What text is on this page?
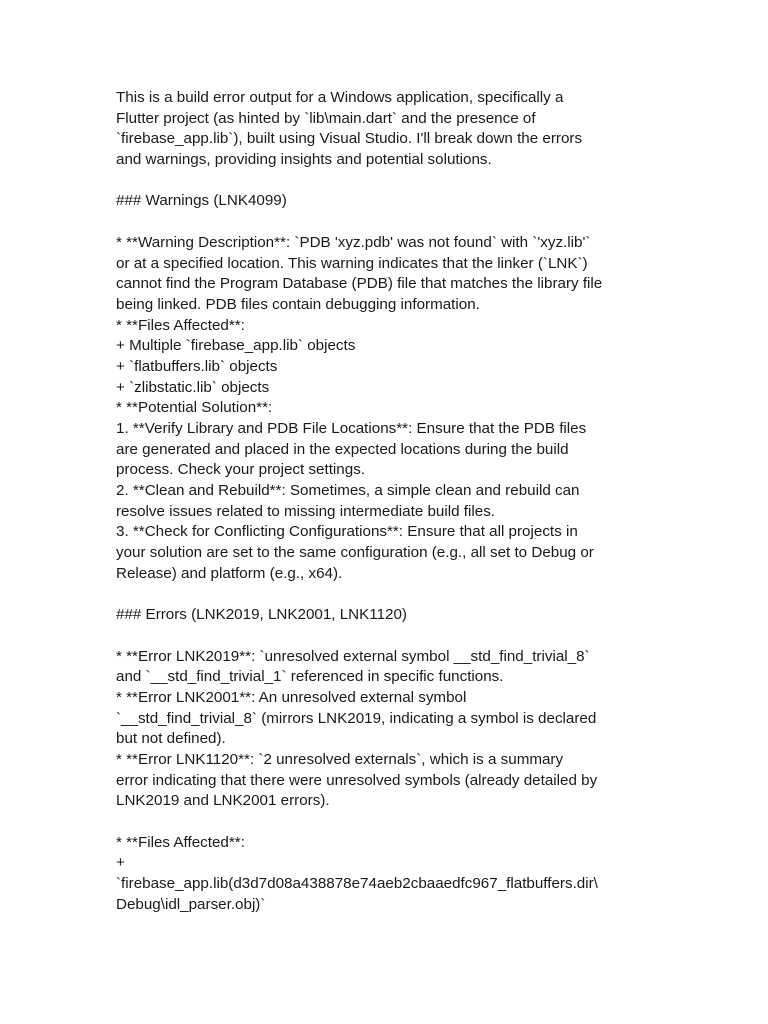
This is a build error output for a Windows application, specifically a
Flutter project (as hinted by `lib\main.dart` and the presence of
`firebase_app.lib`), built using Visual Studio. I'll break down the errors
and warnings, providing insights and potential solutions.
### Warnings (LNK4099)
* **Warning Description**: `PDB 'xyz.pdb' was not found` with `'xyz.lib'`
or at a specified location. This warning indicates that the linker (`LNK`)
cannot find the Program Database (PDB) file that matches the library file
being linked. PDB files contain debugging information.
* **Files Affected**:
+ Multiple `firebase_app.lib` objects
+ `flatbuffers.lib` objects
+ `zlibstatic.lib` objects
* **Potential Solution**:
1. **Verify Library and PDB File Locations**: Ensure that the PDB files
are generated and placed in the expected locations during the build
process. Check your project settings.
2. **Clean and Rebuild**: Sometimes, a simple clean and rebuild can
resolve issues related to missing intermediate build files.
3. **Check for Conflicting Configurations**: Ensure that all projects in
your solution are set to the same configuration (e.g., all set to Debug or
Release) and platform (e.g., x64).
### Errors (LNK2019, LNK2001, LNK1120)
* **Error LNK2019**: `unresolved external symbol __std_find_trivial_8`
and `__std_find_trivial_1` referenced in specific functions.
* **Error LNK2001**: An unresolved external symbol
`__std_find_trivial_8` (mirrors LNK2019, indicating a symbol is declared
but not defined).
* **Error LNK1120**: `2 unresolved externals`, which is a summary
error indicating that there were unresolved symbols (already detailed by
LNK2019 and LNK2001 errors).
* **Files Affected**:
+
`firebase_app.lib(d3d7d08a438878e74aeb2cbaaedfc967_flatbuffers.dir\
Debug\idl_parser.obj)`
